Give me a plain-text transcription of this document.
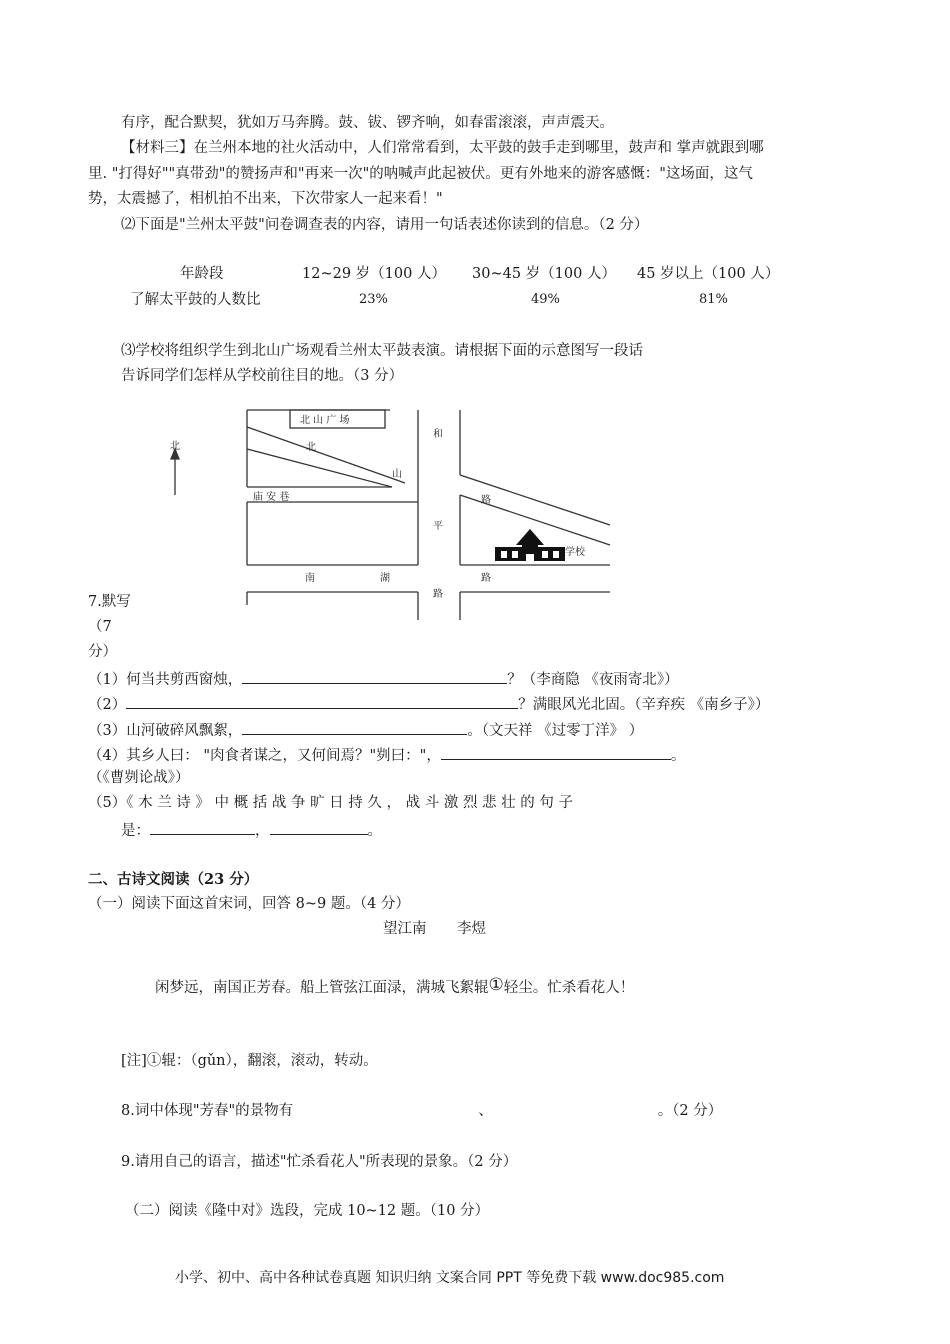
有序，配合默契，犹如万马奔腾。鼓、钹、锣齐响，如春雷滚滚，声声震天。
【材料三】在兰州本地的社火活动中，人们常常看到，太平鼓的鼓手走到哪里，鼓声和 掌声就跟到哪
里. "打得好""真带劲"的赞扬声和"再来一次"的呐喊声此起被伏。更有外地来的游客感慨："这场面，这气
势，太震撼了，相机拍不出来，下次带家人一起来看！"
⑵下面是"兰州太平鼓"问卷调查表的内容，请用一句话表述你读到的信息。（2 分）
年龄段	12~29 岁（100 人） 30~45 岁（100 人） 45 岁以上（100 人）
了解太平鼓的人数比	23%	49%	81%
⑶学校将组织学生到北山广场观看兰州太平鼓表演。请根据下面的示意图写一段话
告诉同学们怎样从学校前往目的地。（3 分）
北
北 山 广 场
北
山
和
平
路
庙 安 巷
南	湖	路
路
学校
7.默写
（7
分）
（1）何当共剪西窗烛，	？（李商隐 《夜雨寄北》）
（2）	？满眼风光北固。（辛弃疾 《南乡子》）
（3）山河破碎风飘絮，	。（文天祥 《过零丁洋》 ）
（4）其乡人曰： "肉食者谋之，又何间焉？"刿曰："，	。
（《曹刿论战》）
（5）《 木 兰 诗 》 中 概 括 战 争 旷 日 持 久 ， 战 斗 激 烈 悲 壮 的 句 子
是：	，	。
二、古诗文阅读（23 分）
（一）阅读下面这首宋词，回答 8~9 题。（4 分）
望江南 李煜
闲梦远，南国正芳春。船上管弦江面渌，满城飞絮辊①轻尘。忙杀看花人！
[注]①辊：（gǔn），翻滚，滚动，转动。
8.词中体现"芳春"的景物有	、	。（2 分）
9.请用自己的语言，描述"忙杀看花人"所表现的景象。（2 分）
（二）阅读《隆中对》选段，完成 10~12 题。（10 分）
小学、初中、高中各种试卷真题 知识归纳 文案合同 PPT 等免费下载 www.doc985.com
